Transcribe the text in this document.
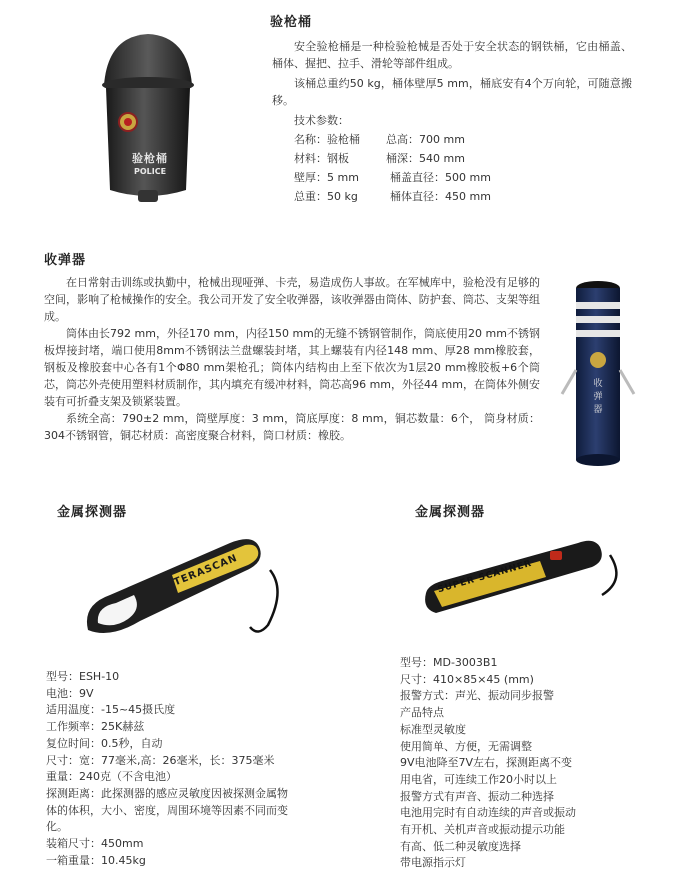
验枪桶
POLICE
验枪桶
安全验枪桶是一种检验枪械是否处于安全状态的钢铁桶，它由桶盖、桶体、握把、拉手、滑轮等部件组成。
该桶总重约50 kg，桶体壁厚5 mm，桶底安有4个万向轮，可随意搬移。
技术参数：
名称：验枪桶 总高：700 mm
材料：钢板	桶深：540 mm
壁厚：5 mm	桶盖直径：500 mm
总重：50 kg	桶体直径：450 mm
收弹器
在日常射击训练或执勤中，枪械出现哑弹、卡壳，易造成伤人事故。在军械库中，验枪没有足够的空间，影响了枪械操作的安全。我公司开发了安全收弹器，该收弹器由筒体、防护套、筒芯、支架等组成。
筒体由长792 mm，外径170 mm，内径150 mm的无缝不锈钢管制作，筒底使用20 mm不锈钢板焊接封堵，端口使用8mm不锈钢法兰盘螺装封堵，其上螺装有内径148 mm、厚28 mm橡胶套，钢板及橡胶套中心各有1个Φ80 mm架枪孔；筒体内结构由上至下依次为1层20 mm橡胶板+6个筒芯，筒芯外壳使用塑料材质制作，其内填充有缓冲材料，筒芯高96 mm，外径44 mm，在筒体外侧安装有可折叠支架及锁紧装置。
系统全高：790±2 mm，筒壁厚度：3 mm，筒底厚度：8 mm，铜芯数量：6个， 筒身材质：304不锈钢管，铜芯材质：高密度聚合材料，筒口材质：橡胶。
收弹器
金属探测器
TERASCAN
型号：ESH-10
电池：9V
适用温度：-15~45摄氏度
工作频率：25K赫兹
复位时间：0.5秒，自动
尺寸：宽：77毫米,高：26毫米，长：375毫米
重量：240克（不含电池）
探测距离：此探测器的感应灵敏度因被探测金属物
体的体积，大小、密度，周围环境等因素不同而变
化。
装箱尺寸：450mm
一箱重量：10.45kg
金属探测器
SUPER SCANNER
型号：MD-3003B1
尺寸：410×85×45 (mm)
报警方式：声光、振动同步报警
产品特点
标准型灵敏度
使用简单、方便，无需调整
9V电池降至7V左右，探测距离不变
用电省，可连续工作20小时以上
报警方式有声音、振动二种选择
电池用完时有自动连续的声音或振动
有开机、关机声音或振动提示功能
有高、低二种灵敏度选择
带电源指示灯
